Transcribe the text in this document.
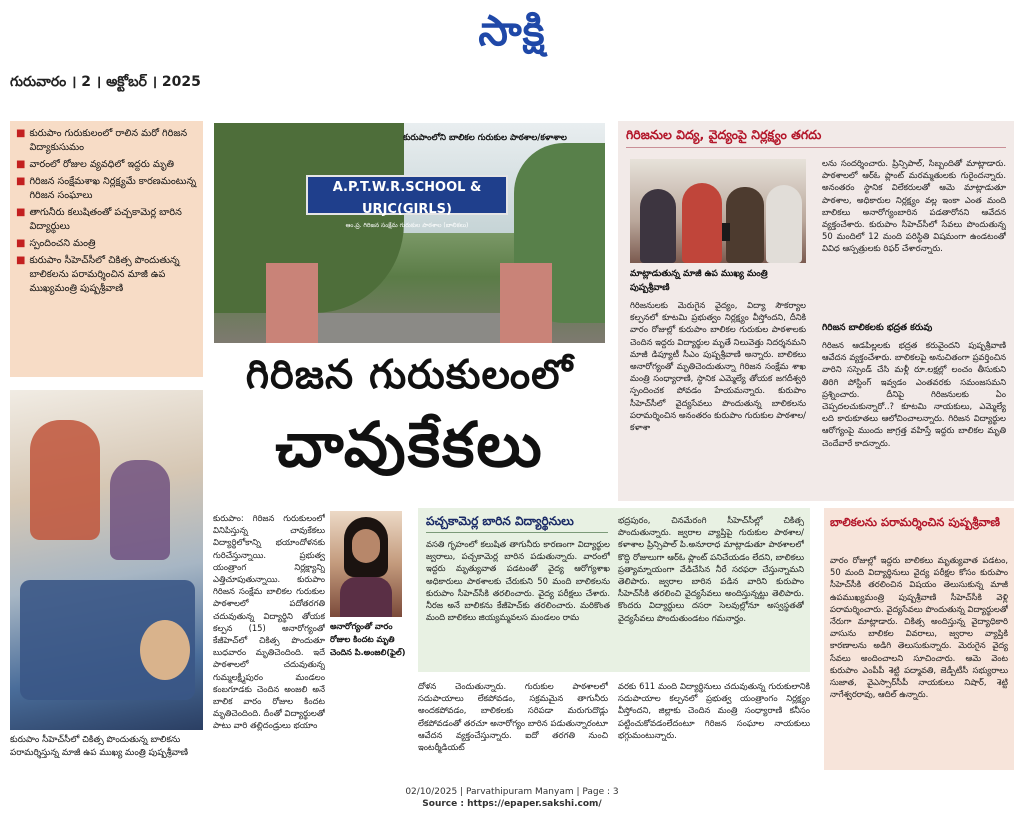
సాక్షి
గురువారం । 2 । అక్టోబర్ । 2025
■ కురుపాం గురుకులంలో రాలిన మరో గిరిజన విద్యాకుసుమం
■ వారంలో రోజుల వ్యవధిలో ఇద్దరు మృతి
■ గిరిజన సంక్షేమశాఖ నిర్లక్ష్యమే కారణమంటున్న గిరిజన సంఘాలు
■ తాగునీరు కలుషితంతో పచ్చకామెర్ల బారిన విద్యార్థులు
■ స్పందించని మంత్రి
■ కురుపాం సీహెచ్‌సీలో చికిత్స పొందుతున్న బాలికలను పరామర్శించిన మాజీ ఉప ముఖ్యమంత్రి పుష్పశ్రీవాణి
కురుపాం సీహెచ్‌సీలో చికిత్స పొందుతున్న బాలికను పరామర్శిస్తున్న మాజీ ఉప ముఖ్య మంత్రి పుష్పశ్రీవాణి
A.P.T.W.R.SCHOOL & URJC(GIRLS)
ఆం.ప్ర. గిరిజన సంక్షేమ గురుకుల పాఠశాల (బాలికలు)
కురుపాంలోని బాలికల గురుకుల పాఠశాల/కళాశాల
గిరిజన గురుకులంలో
చావుకేకలు
కురుపాం: గిరిజన గురుకులంలో వినిపిస్తున్న చావుకేకలు విద్యార్థిలోకాన్ని భయాందోళనకు గురిచేస్తున్నాయి. ప్రభుత్వ యంత్రాంగ నిర్లక్ష్యాన్ని ఎత్తిచూపుతున్నాయి. కురుపాం గిరిజన సంక్షేమ బాలికల గురుకుల పాఠశాలలో పదోతరగతి చదువుతున్న విద్యార్థిని తోయక కల్పన (15) అనారోగ్యంతో కేజీహెచ్‌లో చికిత్స పొందుతూ బుధవారం మృతిచెందింది. ఇదే పాఠశాలలో చదువుతున్న గుమ్మలక్ష్మీపురం మండలం కంబగూడకు చెందిన అంజలి అనే బాలిక వారం రోజుల కిందట మృతిచెందింది. దీంతో విద్యార్థులతో పాటు వారి తల్లిదండ్రులు భయాం
దోళన చెందుతున్నారు. గురుకుల పాఠశాలలో సదుపాయాలు లేకపోవడం, సక్రమమైన తాగునీరు అందకపోవడం, బాలికలకు సరిపడా మరుగుదొడ్లు లేకపోవడంతో తరచూ అనారోగ్యం బారిన పడుతున్నారంటూ ఆవేదన వ్యక్తంచేస్తున్నారు. ఐదో తరగతి నుంచి ఇంటర్మీడియట్
వరకు 611 మంది విద్యార్థినులు చదువుతున్న గురుకులానికి సదుపాయాల కల్పనలో ప్రభుత్వ యంత్రాంగం నిర్లక్ష్యం వీస్తోందని, జిల్లాకు చెందిన మంత్రి సంధ్యారాణి కనీసం పట్టించుకోవడంలేదంటూ గిరిజన సంఘాల నాయకులు భగ్గుమంటున్నారు.
అనారోగ్యంతో వారం రోజుల కిందట మృతి చెందిన పి.అంజలి(ఫైల్)
గిరిజనుల విద్య, వైద్యంపై నిర్లక్ష్యం తగదు
మాట్లాడుతున్న మాజీ ఉప ముఖ్య మంత్రి పుష్పశ్రీవాణి
గిరిజనులకు మెరుగైన వైద్యం, విద్యా సౌకర్యాల కల్పనలో కూటమి ప్రభుత్వం నిర్లక్ష్యం వీస్తోందని, దీనికి వారం రోజుల్లో కురుపాం బాలికల గురుకుల పాఠశాలకు చెందిన ఇద్దరు విద్యార్థుల మృతే నిలువెత్తు నిదర్శనమని మాజీ డిప్యూటీ సీఎం పుష్పశ్రీవాణి అన్నారు. బాలికలు అనారోగ్యంతో మృతిచెందుతున్నా గిరిజన సంక్షేమ శాఖ మంత్రి సంధ్యారాణి, స్థానిక ఎమ్మెల్యే తోయక జగదీశ్వరి స్పందించక పోవడం హేయమన్నారు. కురుపాం సీహెచ్‌సీలో వైద్యసేవలు పొందుతున్న బాలికలను పరామర్శించిన అనంతరం కురుపాం గురుకుల పాఠశాల/కళాశా
లను సందర్శించారు. ప్రిన్సిపాల్, సిబ్బందితో మాట్లాడారు. పాఠశాలలో ఆర్‌ఓ ప్లాంట్ మరమ్మతులకు గురైందన్నారు. అనంతరం స్థానిక విలేకరులతో ఆమె మాట్లాడుతూ పాఠశాల, అధికారుల నిర్లక్ష్యం వల్ల ఇంకా ఎంత మంది బాలికలు అనారోగ్యంబారిన పడతారోనని ఆవేదన వ్యక్తంచేశారు. కురుపాం సీహెచ్‌సీలో సేవలు పొందుతున్న 50 మందిలో 12 మంది పరిస్థితి విషమంగా ఉండటంతో వివిధ ఆస్పత్రులకు రిఫర్ చేశారన్నారు.
గిరిజన బాలికలకు భద్రత కరువు
గిరిజన ఆడపిల్లలకు భద్రత కరువైందని పుష్పశ్రీవాణి ఆవేదన వ్యక్తంచేశారు. బాలికలపై అనుచితంగా ప్రవర్తించిన వారిని సస్పెండ్ చేసి మళ్లీ రూ.లక్షల్లో లంచం తీసుకుని తిరిగి పోస్టింగ్ ఇవ్వడం ఎంతవరకు సమంజసమని ప్రశ్నించారు. దీనిపై గిరిజనులకు ఏం చెప్పదలచుకున్నారో..? కూటమి నాయకులు, ఎమ్మెల్యే లది కారుకూతలు ఆలోచించాలన్నారు. గిరిజన విద్యార్థుల ఆరోగ్యంపై ముందు జాగ్రత్త వహిస్తే ఇద్దరు బాలికల మృతి చెందేవారే కాదన్నారు.
పచ్చకామెర్ల బారిన విద్యార్థినులు
వసతి గృహంలో కలుషిత తాగునీరు కారణంగా విద్యార్థుల జ్వరాలు, పచ్చకామెర్ల బారిన పడుతున్నారు. వారంలో ఇద్దరు మృత్యువాత పడటంతో వైద్య ఆరోగ్యశాఖ అధికారులు పాఠశాలకు చేరుకుని 50 మంది బాలికలను కురుపాం సీహెచ్‌సీకి తరలించారు. వైద్య పరీక్షలు చేశారు. నీరజ అనే బాలికను కేజీహెచ్‌కు తరలించారు. మరికొంత మంది బాలికలు జియ్యమ్మవలస మండలం రామ
భద్రపురం, చినమేరంగి సీహెచ్‌సీల్లో చికిత్స పొందుతున్నారు. జ్వరాల వ్యాప్తిపై గురుకుల పాఠశాల/కళాశాల ప్రిన్సిపాల్ పి.అనూరాధ మాట్లాడుతూ పాఠశాలలో కొద్ది రోజులుగా ఆర్‌ఓ ప్లాంట్ పనిచేయడం లేదని, బాలికలు ప్రత్యామ్నాయంగా వేడిచేసిన నీరే సరఫరా చేస్తున్నామని తెలిపారు. జ్వరాల బారిన పడిన వారిని కురుపాం సీహెచ్‌సీకి తరలించి వైద్యసేవలు అందిస్తున్నట్టు తెలిపారు. కొందరు విద్యార్థులు దసరా సెలవుల్లోనూ అస్వస్థతతో వైద్యసేవలు పొందుతుండటం గమనార్హం.
బాలికలను పరామర్శించిన పుష్పశ్రీవాణి
వారం రోజుల్లో ఇద్దరు బాలికలు మృత్యువాత పడటం, 50 మంది విద్యార్థినులు వైద్య పరీక్షల కోసం కురుపాం సీహెచ్‌సీకి తరలించిన విషయం తెలుసుకున్న మాజీ ఉపముఖ్యమంత్రి పుష్పశ్రీవాణి సీహెచ్‌సీకి వెళ్లి పరామర్శించారు. వైద్యసేవలు పొందుతున్న విద్యార్థులతో నేరుగా మాట్లాడారు. చికిత్స అందిస్తున్న వైద్యాధికారి వాసును బాలికల వివరాలు, జ్వరాల వ్యాప్తికి కారణాలను అడిగి తెలుసుకున్నారు. మెరుగైన వైద్య సేవలు అందించాలని సూచించారు. ఆమె వెంట కురుపాం ఎంపీపీ శెట్టి పద్మావతి, జెడ్పీటీసీ సభ్యురాలు సుజాత, వైఎస్సార్‌సీపీ నాయకులు నిషార్, శెట్టి నాగేశ్వరరావు, ఆదిల్ ఉన్నారు.
02/10/2025 | Parvathipuram Manyam | Page : 3
Source : https://epaper.sakshi.com/
